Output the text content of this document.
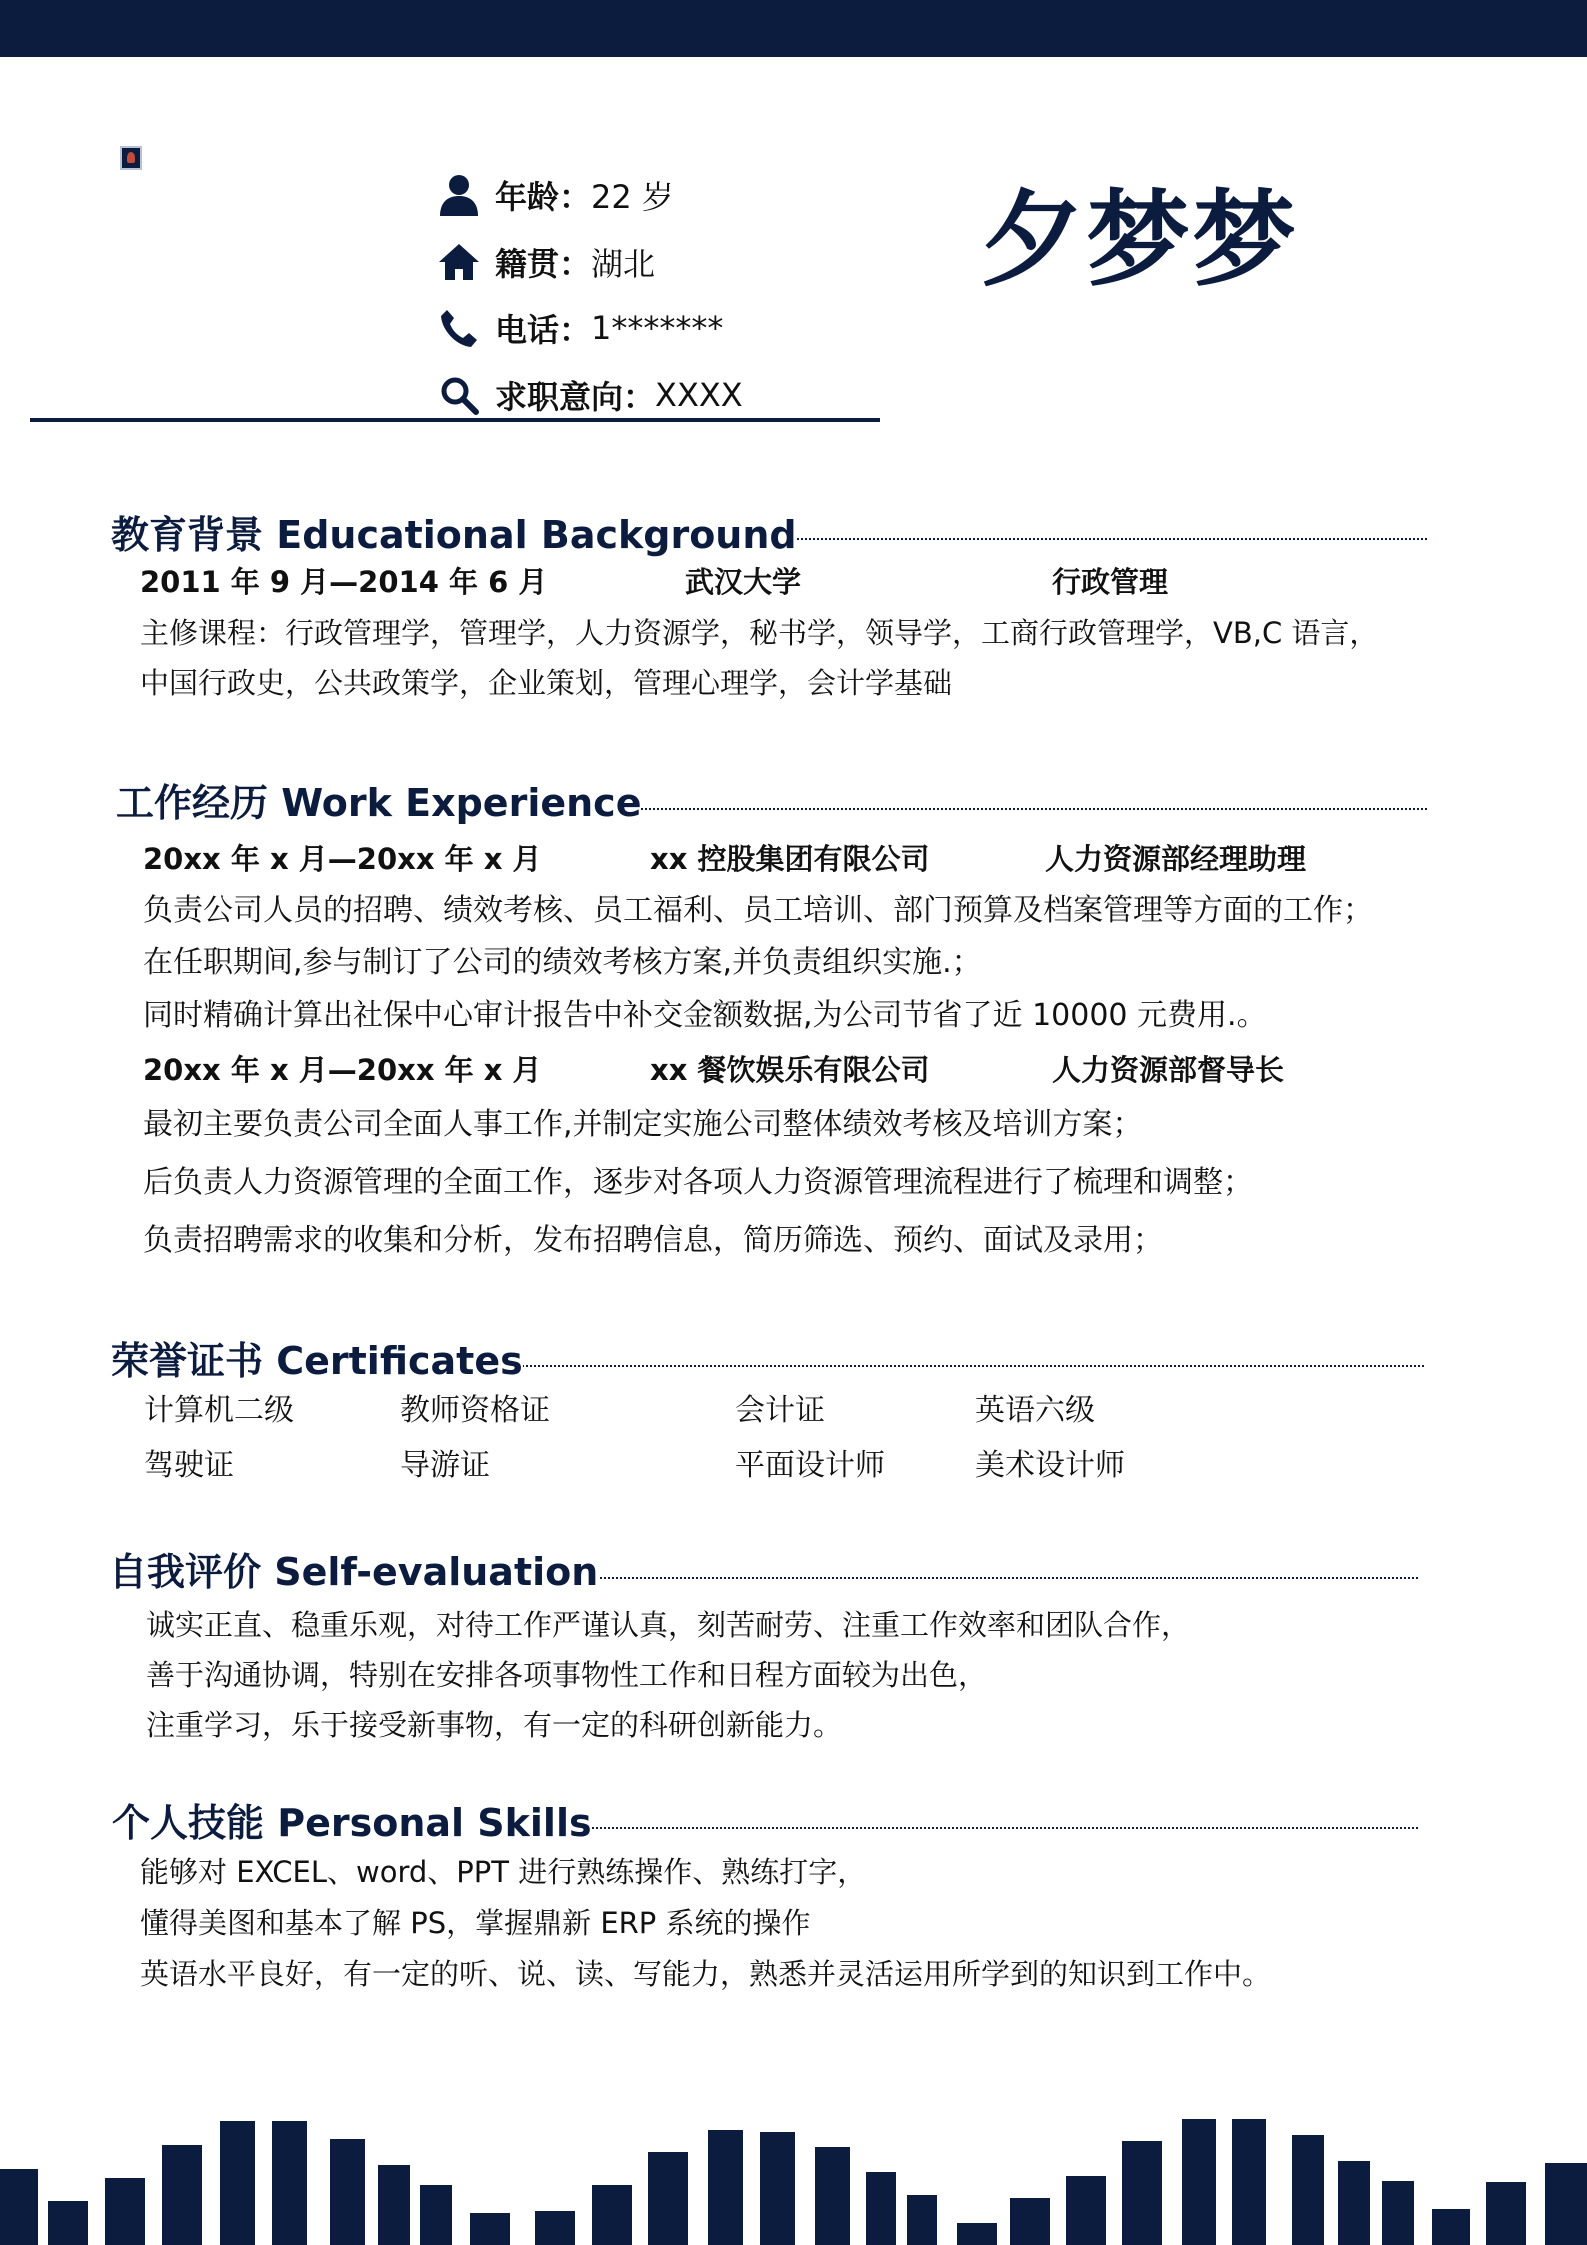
年龄： 22 岁
籍贯： 湖北
电话： 1*******
求职意向： XXXX
夕梦梦
教育背景 Educational Background
2011 年 9 月—2014 年 6 月	武汉大学	行政管理
主修课程：行政管理学，管理学，人力资源学，秘书学，领导学，工商行政管理学，VB,C 语言，
中国行政史，公共政策学，企业策划，管理心理学，会计学基础
工作经历 Work Experience
20xx 年 x 月—20xx 年 x 月	xx 控股集团有限公司	人力资源部经理助理
负责公司人员的招聘、绩效考核、员工福利、员工培训、部门预算及档案管理等方面的工作；
在任职期间,参与制订了公司的绩效考核方案,并负责组织实施.；
同时精确计算出社保中心审计报告中补交金额数据,为公司节省了近 10000 元费用.。
20xx 年 x 月—20xx 年 x 月	xx 餐饮娱乐有限公司	人力资源部督导长
最初主要负责公司全面人事工作,并制定实施公司整体绩效考核及培训方案；
后负责人力资源管理的全面工作，逐步对各项人力资源管理流程进行了梳理和调整；
负责招聘需求的收集和分析，发布招聘信息，简历筛选、预约、面试及录用；
荣誉证书 Certificates
计算机二级	教师资格证	会计证	英语六级
驾驶证	导游证	平面设计师	美术设计师
自我评价 Self-evaluation
诚实正直、稳重乐观，对待工作严谨认真，刻苦耐劳、注重工作效率和团队合作，
善于沟通协调，特别在安排各项事物性工作和日程方面较为出色，
注重学习，乐于接受新事物，有一定的科研创新能力。
个人技能 Personal Skills
能够对 EXCEL、word、PPT 进行熟练操作、熟练打字，
懂得美图和基本了解 PS，掌握鼎新 ERP 系统的操作
英语水平良好，有一定的听、说、读、写能力，熟悉并灵活运用所学到的知识到工作中。
